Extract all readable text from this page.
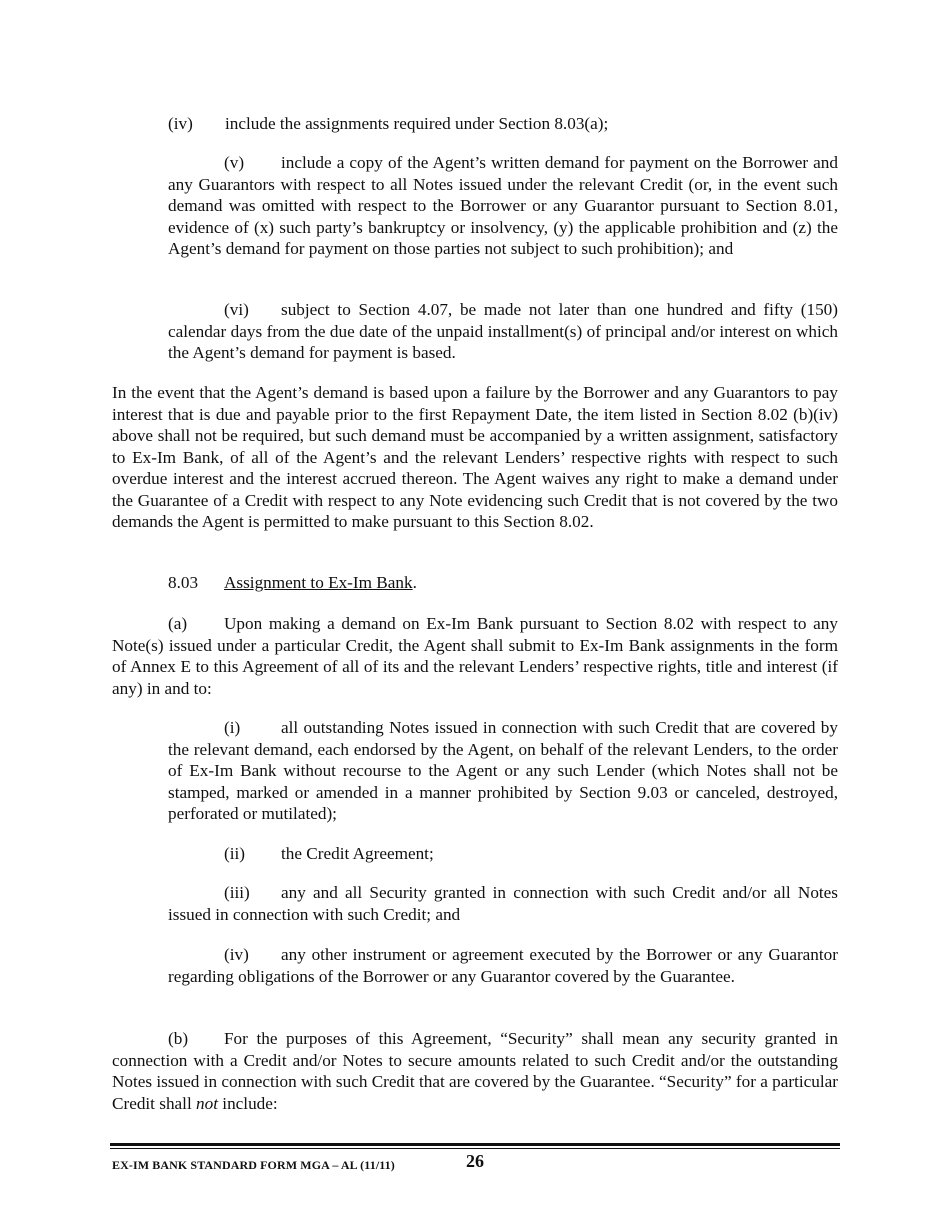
(iv) include the assignments required under Section 8.03(a);

(v) include a copy of the Agent’s written demand for payment on the Borrower and any Guarantors with respect to all Notes issued under the relevant Credit (or, in the event such demand was omitted with respect to the Borrower or any Guarantor pursuant to Section 8.01, evidence of (x) such party’s bankruptcy or insolvency, (y) the applicable prohibition and (z) the Agent’s demand for payment on those parties not subject to such prohibition); and

(vi) subject to Section 4.07, be made not later than one hundred and fifty (150) calendar days from the due date of the unpaid installment(s) of principal and/or interest on which the Agent’s demand for payment is based.

In the event that the Agent’s demand is based upon a failure by the Borrower and any Guarantors to pay interest that is due and payable prior to the first Repayment Date, the item listed in Section 8.02 (b)(iv) above shall not be required, but such demand must be accompanied by a written assignment, satisfactory to Ex-Im Bank, of all of the Agent’s and the relevant Lenders’ respective rights with respect to such overdue interest and the interest accrued thereon. The Agent waives any right to make a demand under the Guarantee of a Credit with respect to any Note evidencing such Credit that is not covered by the two demands the Agent is permitted to make pursuant to this Section 8.02.

8.03 Assignment to Ex-Im Bank.

(a) Upon making a demand on Ex-Im Bank pursuant to Section 8.02 with respect to any Note(s) issued under a particular Credit, the Agent shall submit to Ex-Im Bank assignments in the form of Annex E to this Agreement of all of its and the relevant Lenders’ respective rights, title and interest (if any) in and to:

(i) all outstanding Notes issued in connection with such Credit that are covered by the relevant demand, each endorsed by the Agent, on behalf of the relevant Lenders, to the order of Ex-Im Bank without recourse to the Agent or any such Lender (which Notes shall not be stamped, marked or amended in a manner prohibited by Section 9.03 or canceled, destroyed, perforated or mutilated);

(ii) the Credit Agreement;

(iii) any and all Security granted in connection with such Credit and/or all Notes issued in connection with such Credit; and

(iv) any other instrument or agreement executed by the Borrower or any Guarantor regarding obligations of the Borrower or any Guarantor covered by the Guarantee.

(b) For the purposes of this Agreement, “Security” shall mean any security granted in connection with a Credit and/or Notes to secure amounts related to such Credit and/or the outstanding Notes issued in connection with such Credit that are covered by the Guarantee. “Security” for a particular Credit shall not include:

EX-IM BANK STANDARD FORM MGA – AL (11/11)	26
